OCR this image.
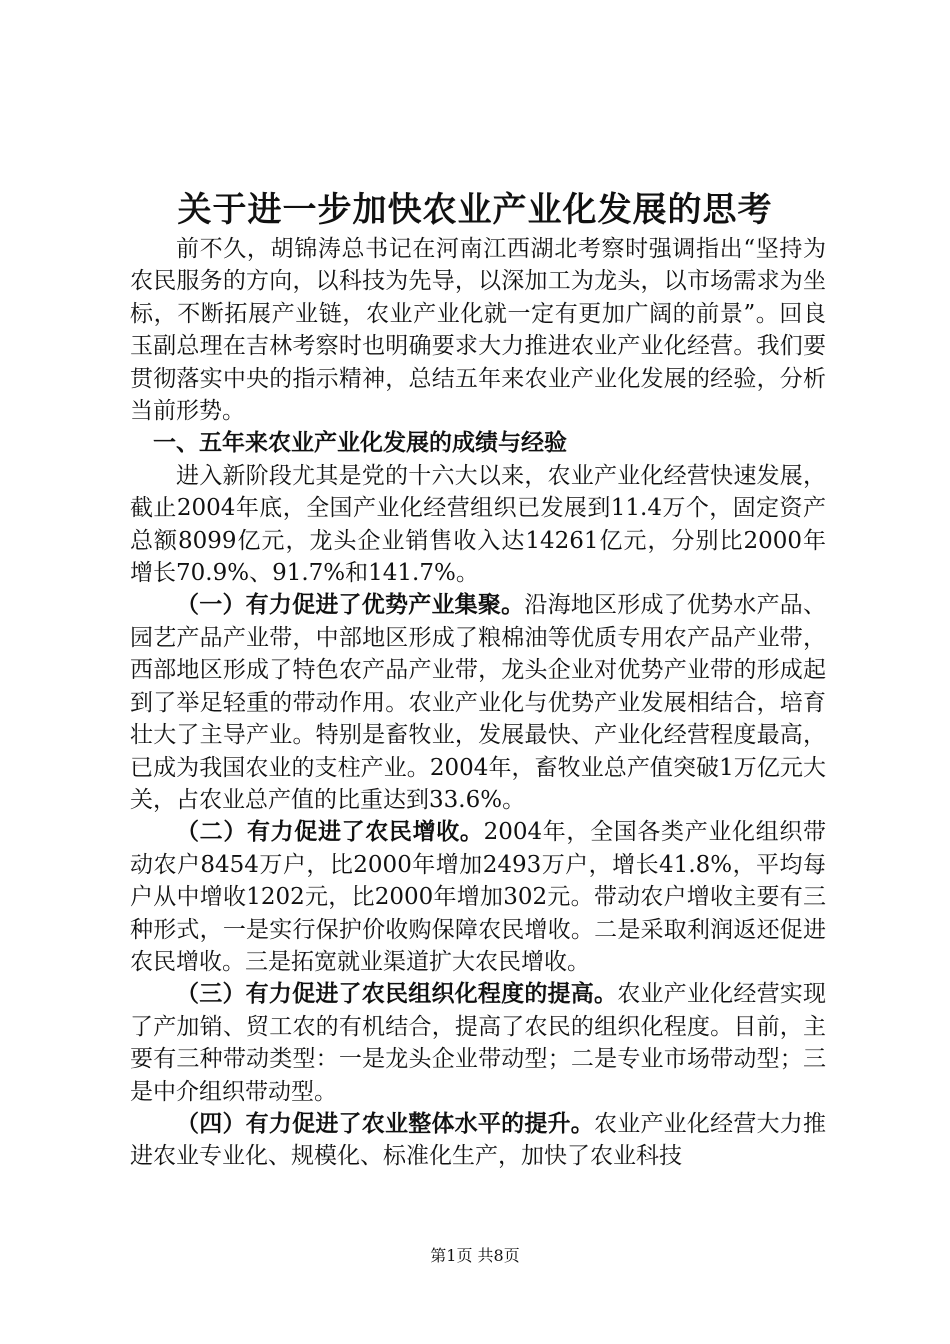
关于进一步加快农业产业化发展的思考

前不久，胡锦涛总书记在河南江西湖北考察时强调指出“坚持为农民服务的方向，以科技为先导，以深加工为龙头，以市场需求为坐标，不断拓展产业链，农业产业化就一定有更加广阔的前景”。回良玉副总理在吉林考察时也明确要求大力推进农业产业化经营。我们要贯彻落实中央的指示精神，总结五年来农业产业化发展的经验，分析当前形势。

一、五年来农业产业化发展的成绩与经验

进入新阶段尤其是党的十六大以来，农业产业化经营快速发展，截止2004年底，全国产业化经营组织已发展到11.4万个，固定资产总额8099亿元，龙头企业销售收入达14261亿元，分别比2000年增长70.9%、91.7%和141.7%。

（一）有力促进了优势产业集聚。沿海地区形成了优势水产品、园艺产品产业带，中部地区形成了粮棉油等优质专用农产品产业带，西部地区形成了特色农产品产业带，龙头企业对优势产业带的形成起到了举足轻重的带动作用。农业产业化与优势产业发展相结合，培育壮大了主导产业。特别是畜牧业，发展最快、产业化经营程度最高，已成为我国农业的支柱产业。2004年，畜牧业总产值突破1万亿元大关，占农业总产值的比重达到33.6%。

（二）有力促进了农民增收。2004年，全国各类产业化组织带动农户8454万户，比2000年增加2493万户，增长41.8%，平均每户从中增收1202元，比2000年增加302元。带动农户增收主要有三种形式，一是实行保护价收购保障农民增收。二是采取利润返还促进农民增收。三是拓宽就业渠道扩大农民增收。

（三）有力促进了农民组织化程度的提高。农业产业化经营实现了产加销、贸工农的有机结合，提高了农民的组织化程度。目前，主要有三种带动类型：一是龙头企业带动型；二是专业市场带动型；三是中介组织带动型。

（四）有力促进了农业整体水平的提升。农业产业化经营大力推进农业专业化、规模化、标准化生产，加快了农业科技

第1页 共8页
